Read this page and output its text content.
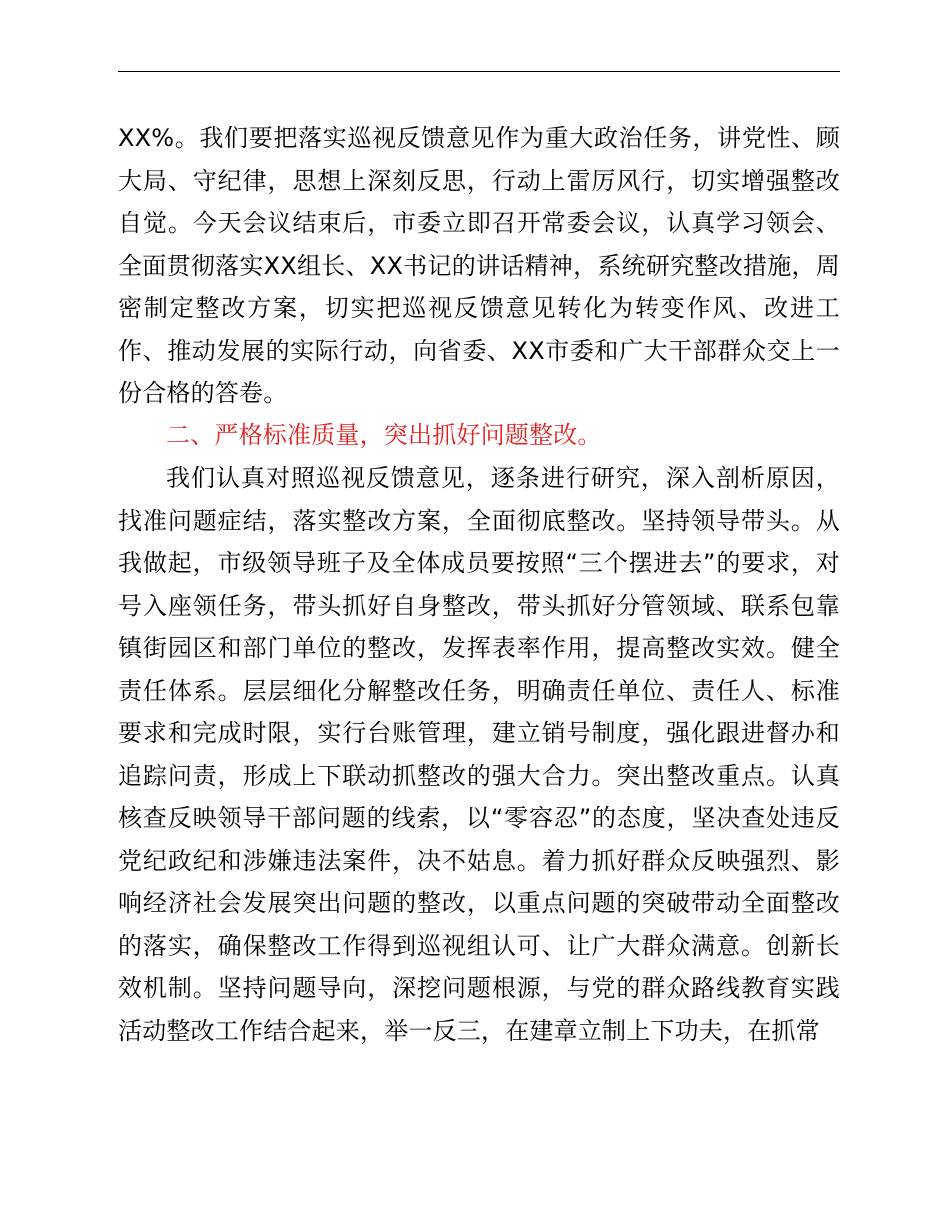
XX%。我们要把落实巡视反馈意见作为重大政治任务，讲党性、顾大局、守纪律，思想上深刻反思，行动上雷厉风行，切实增强整改自觉。今天会议结束后，市委立即召开常委会议，认真学习领会、全面贯彻落实XX组长、XX书记的讲话精神，系统研究整改措施，周密制定整改方案，切实把巡视反馈意见转化为转变作风、改进工作、推动发展的实际行动，向省委、XX市委和广大干部群众交上一份合格的答卷。

二、严格标准质量，突出抓好问题整改。

我们认真对照巡视反馈意见，逐条进行研究，深入剖析原因，找准问题症结，落实整改方案，全面彻底整改。坚持领导带头。从我做起，市级领导班子及全体成员要按照“三个摆进去”的要求，对号入座领任务，带头抓好自身整改，带头抓好分管领域、联系包靠镇街园区和部门单位的整改，发挥表率作用，提高整改实效。健全责任体系。层层细化分解整改任务，明确责任单位、责任人、标准要求和完成时限，实行台账管理，建立销号制度，强化跟进督办和追踪问责，形成上下联动抓整改的强大合力。突出整改重点。认真核查反映领导干部问题的线索，以“零容忍”的态度，坚决查处违反党纪政纪和涉嫌违法案件，决不姑息。着力抓好群众反映强烈、影响经济社会发展突出问题的整改，以重点问题的突破带动全面整改的落实，确保整改工作得到巡视组认可、让广大群众满意。创新长效机制。坚持问题导向，深挖问题根源，与党的群众路线教育实践活动整改工作结合起来，举一反三，在建章立制上下功夫，在抓常
